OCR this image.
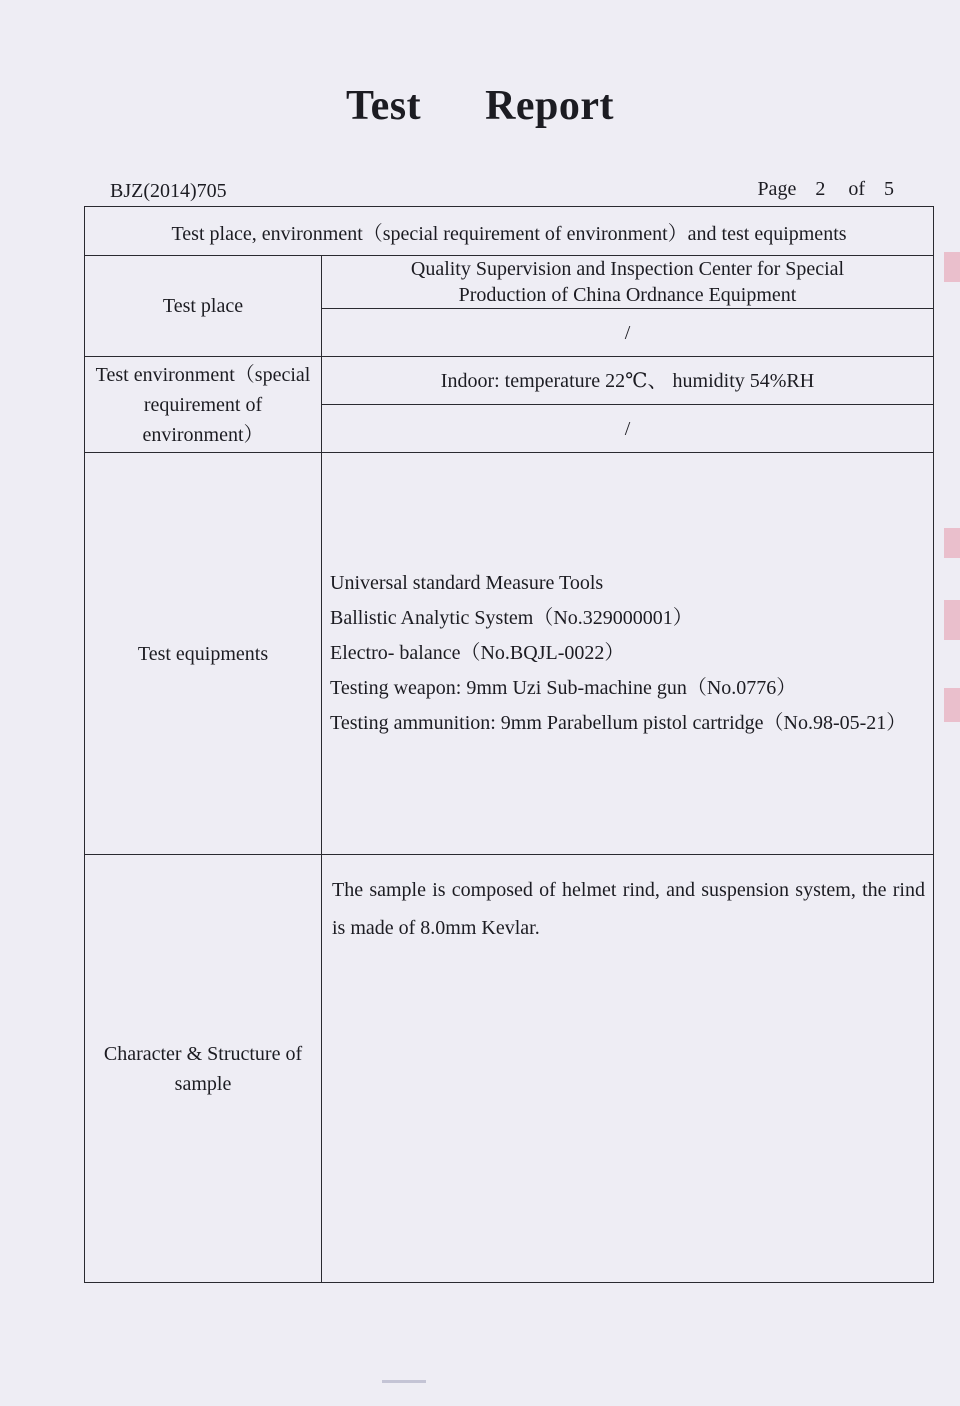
Test Report
BJZ(2014)705	Page 2 of 5
Test place, environment（special requirement of environment）and test equipments	
Test place	Quality Supervision and Inspection Center for Special Production of China Ordnance Equipment
	/
Test environment（special requirement of environment）	Indoor: temperature 22℃、 humidity 54%RH
	/
Test equipments	Universal standard Measure Tools
Ballistic Analytic System（No.329000001）
Electro- balance（No.BQJL-0022）
Testing weapon: 9mm Uzi Sub-machine gun（No.0776）
Testing ammunition: 9mm Parabellum pistol cartridge（No.98-05-21）

Character & Structure of sample	The sample is composed of helmet rind, and suspension system, the rind is made of 8.0mm Kevlar.
